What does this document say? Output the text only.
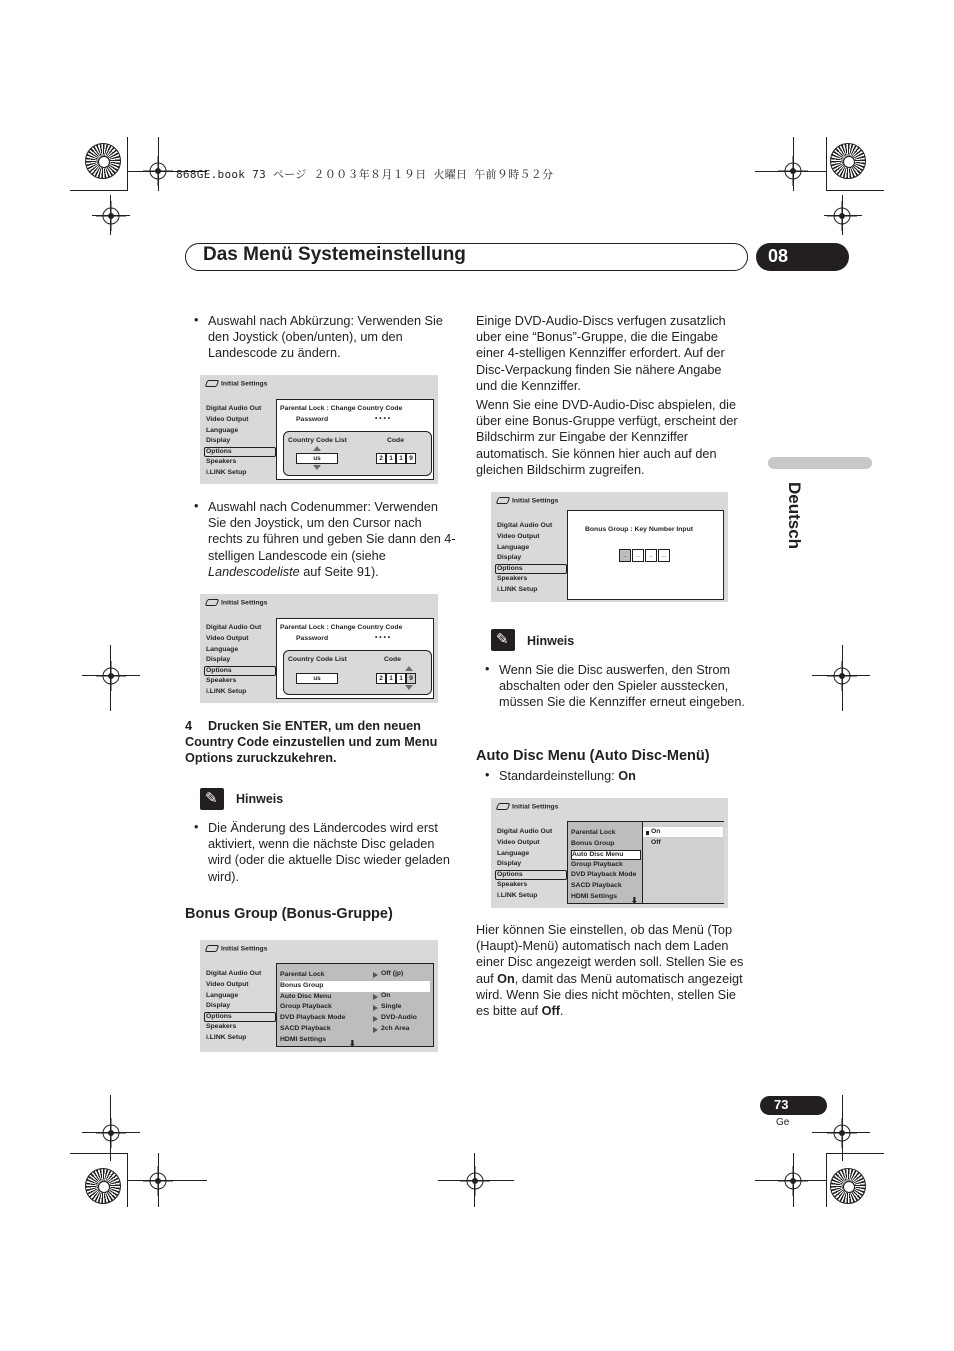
868GE.book 73 ページ ２００３年８月１９日 火曜日 午前９時５２分
Das Menü Systemeinstellung	08
Deutsch
• Auswahl nach Abkürzung: Verwenden Sie den Joystick (oben/unten), um den Landescode zu ändern.
Initial Settings
Digital Audio Out
Video Output
Language
Display
Options
Speakers
i.LINK Setup
Parental Lock : Change Country Code
Password	• • • •
Country Code List	Code
us	2 1 1 9
• Auswahl nach Codenummer: Verwenden Sie den Joystick, um den Cursor nach rechts zu führen und geben Sie dann den 4-stelligen Landescode ein (siehe Landescodeliste auf Seite 91).
Initial Settings
Digital Audio Out
Video Output
Language
Display
Options
Speakers
i.LINK Setup
Parental Lock : Change Country Code
Password	• • • •
Country Code List	Code
us	2 1 1 9
4	Drucken Sie ENTER, um den neuen Country Code einzustellen und zum Menu Options zuruckzukehren.
✎
Hinweis
• Die Änderung des Ländercodes wird erst aktiviert, wenn die nächste Disc geladen wird (oder die aktuelle Disc wieder geladen wird).
Bonus Group (Bonus-Gruppe)
Initial Settings
Digital Audio Out
Video Output
Language
Display
Options
Speakers
i.LINK Setup
Parental Lock
Bonus Group
Auto Disc Menu
Group Playback
DVD Playback Mode
SACD Playback
HDMI Settings
Off (jp)
On
Single
DVD-Audio
2ch Area
⬇
Einige DVD-Audio-Discs verfugen zusatzlich uber eine “Bonus”-Gruppe, die die Eingabe einer 4-stelligen Kennziffer erfordert. Auf der Disc-Verpackung finden Sie nähere Angabe und die Kennziffer.
Wenn Sie eine DVD-Audio-Disc abspielen, die über eine Bonus-Gruppe verfügt, erscheint der Bildschirm zur Eingabe der Kennziffer automatisch. Sie können hier auch auf den gleichen Bildschirm zugreifen.
Initial Settings
Digital Audio Out
Video Output
Language
Display
Options
Speakers
i.LINK Setup
Bonus Group : Key Number Input
_	_	_	_
✎
Hinweis
• Wenn Sie die Disc auswerfen, den Strom abschalten oder den Spieler ausstecken, müssen Sie die Kennziffer erneut eingeben.
Auto Disc Menu (Auto Disc-Menü)
• Standardeinstellung: On
Initial Settings
Digital Audio Out
Video Output
Language
Display
Options
Speakers
i.LINK Setup
Parental Lock
Bonus Group
Auto Disc Menu
Group Playback
DVD Playback Mode
SACD Playback
HDMI Settings
On
Off
⬇
Hier können Sie einstellen, ob das Menü (Top (Haupt)-Menü) automatisch nach dem Laden einer Disc angezeigt werden soll. Stellen Sie es auf On, damit das Menü automatisch angezeigt wird. Wenn Sie dies nicht möchten, stellen Sie es bitte auf Off.
73
Ge
